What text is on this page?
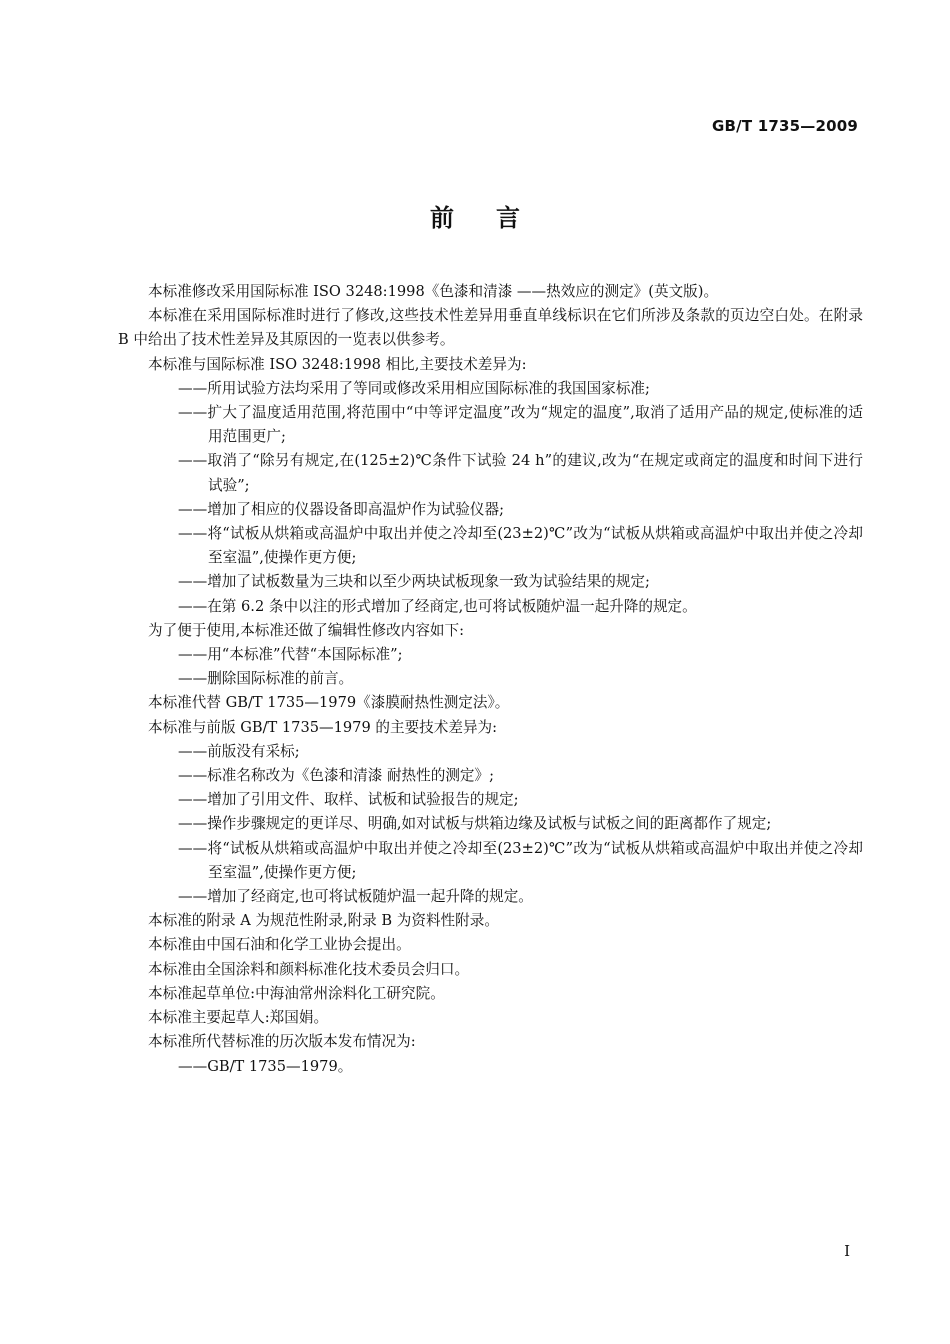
GB/T 1735—2009
前言

本标准修改采用国际标准 ISO 3248:1998《色漆和清漆 ——热效应的测定》(英文版)。

本标准在采用国际标准时进行了修改,这些技术性差异用垂直单线标识在它们所涉及条款的页边空白处。在附录 B 中给出了技术性差异及其原因的一览表以供参考。

本标准与国际标准 ISO 3248:1998 相比,主要技术差异为:

——所用试验方法均采用了等同或修改采用相应国际标准的我国国家标准;

——扩大了温度适用范围,将范围中“中等评定温度”改为“规定的温度”,取消了适用产品的规定,使标准的适用范围更广;

——取消了“除另有规定,在(125±2)℃条件下试验 24 h”的建议,改为“在规定或商定的温度和时间下进行试验”;

——增加了相应的仪器设备即高温炉作为试验仪器;

——将“试板从烘箱或高温炉中取出并使之冷却至(23±2)℃”改为“试板从烘箱或高温炉中取出并使之冷却至室温”,使操作更方便;

——增加了试板数量为三块和以至少两块试板现象一致为试验结果的规定;

——在第 6.2 条中以注的形式增加了经商定,也可将试板随炉温一起升降的规定。

为了便于使用,本标准还做了编辑性修改内容如下:

——用“本标准”代替“本国际标准”;

——删除国际标准的前言。

本标准代替 GB/T 1735—1979《漆膜耐热性测定法》。

本标准与前版 GB/T 1735—1979 的主要技术差异为:

——前版没有采标;

——标准名称改为《色漆和清漆 耐热性的测定》;

——增加了引用文件、取样、试板和试验报告的规定;

——操作步骤规定的更详尽、明确,如对试板与烘箱边缘及试板与试板之间的距离都作了规定;

——将“试板从烘箱或高温炉中取出并使之冷却至(23±2)℃”改为“试板从烘箱或高温炉中取出并使之冷却至室温”,使操作更方便;

——增加了经商定,也可将试板随炉温一起升降的规定。

本标准的附录 A 为规范性附录,附录 B 为资料性附录。

本标准由中国石油和化学工业协会提出。

本标准由全国涂料和颜料标准化技术委员会归口。

本标准起草单位:中海油常州涂料化工研究院。

本标准主要起草人:郑国娟。

本标准所代替标准的历次版本发布情况为:

——GB/T 1735—1979。

I
